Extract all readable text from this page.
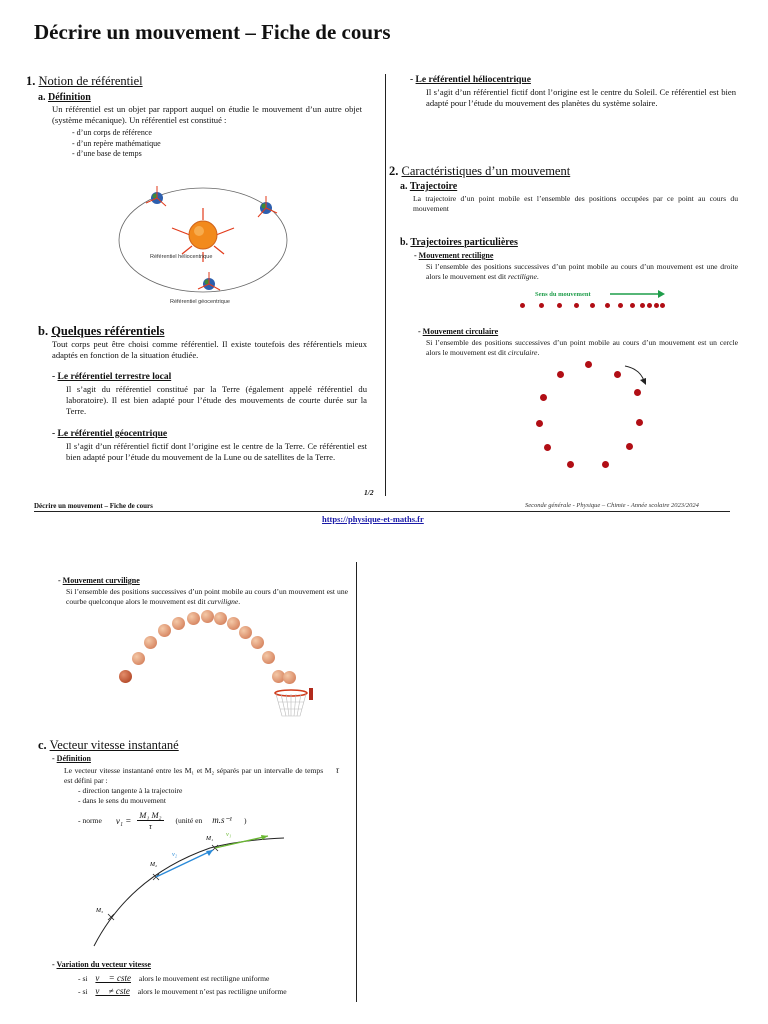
Décrire un mouvement – Fiche de cours
1. Notion de référentiel
a. Définition
Un référentiel est un objet par rapport auquel on étudie le mouvement d’un autre objet (système mécanique). Un référentiel est constitué :
- d’un corps de référence
- d’un repère mathématique
- d’une base de temps
Référentiel héliocentrique
Référentiel géocentrique
b. Quelques référentiels
Tout corps peut être choisi comme référentiel. Il existe toutefois des référentiels mieux adaptés en fonction de la situation étudiée.
- Le référentiel terrestre local
Il s’agit du référentiel constitué par la Terre (également appelé référentiel du laboratoire). Il est bien adapté pour l’étude des mouvements de courte durée sur la Terre.
- Le référentiel géocentrique
Il s’agit d’un référentiel fictif dont l’origine est le centre de la Terre. Ce référentiel est bien adapté pour l’étude du mouvement de la Lune ou de satellites de la Terre.
- Le référentiel héliocentrique
Il s’agit d’un référentiel fictif dont l’origine est le centre du Soleil. Ce référentiel est bien adapté pour l’étude du mouvement des planètes du système solaire.
2. Caractéristiques d’un mouvement
a. Trajectoire
La trajectoire d’un point mobile est l’ensemble des positions occupées par ce point au cours du mouvement
b. Trajectoires particulières
- Mouvement rectiligne
Si l’ensemble des positions successives d’un point mobile au cours d’un mouvement est une droite alors le mouvement est dit rectiligne.
Sens du mouvement
- Mouvement circulaire
Si l’ensemble des positions successives d’un point mobile au cours d’un mouvement est un cercle alors le mouvement est dit circulaire.
1/2
Décrire un mouvement – Fiche de cours	Seconde générale - Physique – Chimie - Année scolaire 2023/2024
https://physique-et-maths.fr
- Mouvement curviligne
Si l’ensemble des positions successives d’un point mobile au cours d’un mouvement est une courbe quelconque alors le mouvement est dit curviligne.
c. Vecteur vitesse instantané
- Définition
Le vecteur vitesse instantané entre les M₁ et M₂ séparés par un intervalle de temps τ est défini par :
- direction tangente à la trajectoire
- dans le sens du mouvement
- norme $v_1 = \frac{\text{M₁ M₂}}{\tau}$ (unité en m.s⁻¹ )
M₃
M₂
M₁
v₂
v₁
- Variation du vecteur vitesse
- si v⃗ = cste alors le mouvement est rectiligne uniforme
- si v⃗ ≠ cste alors le mouvement n’est pas rectiligne uniforme
